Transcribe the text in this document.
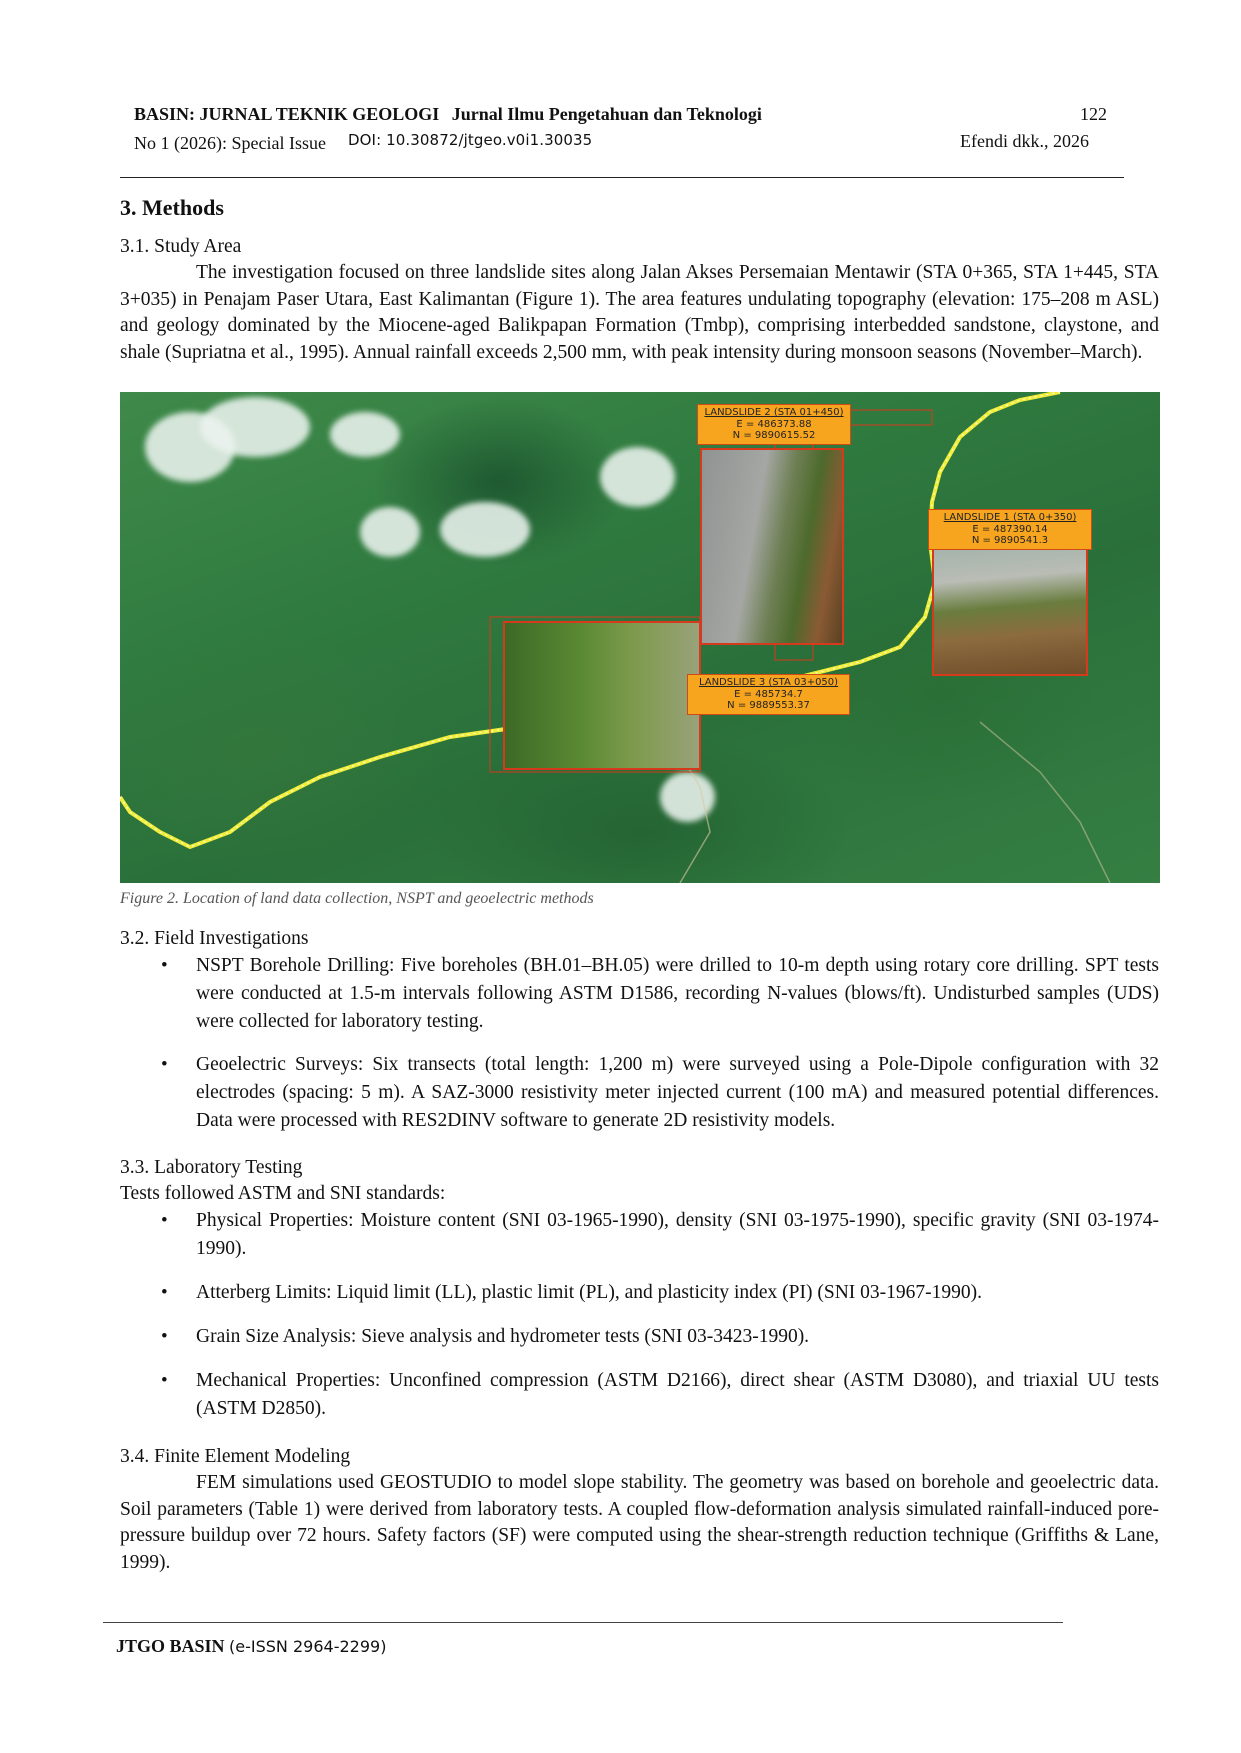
BASIN: JURNAL TEKNIK GEOLOGI Jurnal Ilmu Pengetahuan dan Teknologi	122
No 1 (2026): Special Issue	DOI: 10.30872/jtgeo.v0i1.30035	Efendi dkk., 2026
3. Methods
3.1. Study Area

The investigation focused on three landslide sites along Jalan Akses Persemaian Mentawir (STA 0+365, STA 1+445, STA 3+035) in Penajam Paser Utara, East Kalimantan (Figure 1). The area features undulating topography (elevation: 175–208 m ASL) and geology dominated by the Miocene-aged Balikpapan Formation (Tmbp), comprising interbedded sandstone, claystone, and shale (Supriatna et al., 1995). Annual rainfall exceeds 2,500 mm, with peak intensity during monsoon seasons (November–March).

LANDSLIDE 2 (STA 01+450)
E = 486373.88
N = 9890615.52
LANDSLIDE 1 (STA 0+350)
E = 487390.14
N = 9890541.3
LANDSLIDE 3 (STA 03+050)
E = 485734.7
N = 9889553.37
Figure 2. Location of land data collection, NSPT and geoelectric methods
3.2. Field Investigations
• NSPT Borehole Drilling: Five boreholes (BH.01–BH.05) were drilled to 10-m depth using rotary core drilling. SPT tests were conducted at 1.5-m intervals following ASTM D1586, recording N-values (blows/ft). Undisturbed samples (UDS) were collected for laboratory testing.
• Geoelectric Surveys: Six transects (total length: 1,200 m) were surveyed using a Pole-Dipole configuration with 32 electrodes (spacing: 5 m). A SAZ-3000 resistivity meter injected current (100 mA) and measured potential differences. Data were processed with RES2DINV software to generate 2D resistivity models.
3.3. Laboratory Testing
Tests followed ASTM and SNI standards:
• Physical Properties: Moisture content (SNI 03-1965-1990), density (SNI 03-1975-1990), specific gravity (SNI 03-1974-1990).
• Atterberg Limits: Liquid limit (LL), plastic limit (PL), and plasticity index (PI) (SNI 03-1967-1990).
• Grain Size Analysis: Sieve analysis and hydrometer tests (SNI 03-3423-1990).
• Mechanical Properties: Unconfined compression (ASTM D2166), direct shear (ASTM D3080), and triaxial UU tests (ASTM D2850).
3.4. Finite Element Modeling

FEM simulations used GEOSTUDIO to model slope stability. The geometry was based on borehole and geoelectric data. Soil parameters (Table 1) were derived from laboratory tests. A coupled flow-deformation analysis simulated rainfall-induced pore-pressure buildup over 72 hours. Safety factors (SF) were computed using the shear-strength reduction technique (Griffiths & Lane, 1999).

JTGO BASIN (e-ISSN 2964-2299)
